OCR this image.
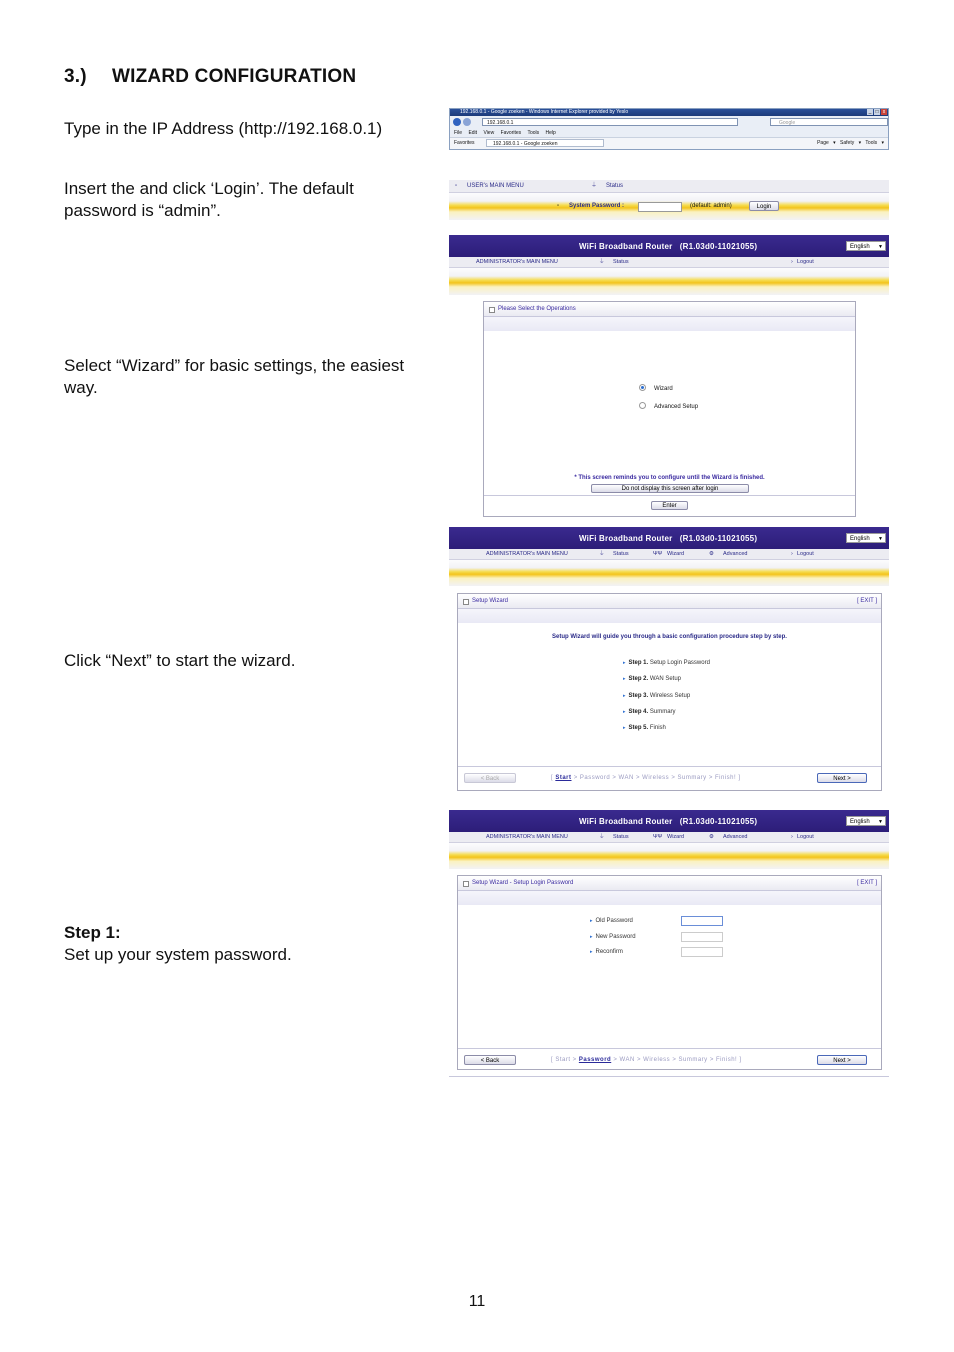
3.) WIZARD CONFIGURATION
Type in the IP Address (http://192.168.0.1)
Insert the and click ‘Login’. The default password is “admin”.
Select “Wizard” for basic settings, the easiest way.
Click “Next” to start the wizard.
Step 1:
Set up your system password.
192.168.0.1 - Google zoeken - Windows Internet Explorer provided by Yeslo	_ □ x
192.168.0.1	Google
File Edit View Favorites Tools Help
Favorites	192.168.0.1 - Google zoeken	Page ▾ Safety ▾ Tools ▾
▫ USER's MAIN MENU	⏚ Status
▫ System Password :	(default: admin)	Login
WiFi Broadband Router (R1.03d0-11021055)	English ▼
ADMINISTRATOR's MAIN MENU	⏚ Status	› Logout
Please Select the Operations
Wizard
Advanced Setup
* This screen reminds you to configure until the Wizard is finished.
Do not display this screen after login
Enter
WiFi Broadband Router (R1.03d0-11021055)	English ▼
ADMINISTRATOR's MAIN MENU	⏚ Status	ΨΨ Wizard	⚙ Advanced	› Logout
Setup Wizard	[ EXIT ]
Setup Wizard will guide you through a basic configuration procedure step by step.
▸ Step 1. Setup Login Password
▸ Step 2. WAN Setup
▸ Step 3. Wireless Setup
▸ Step 4. Summary
▸ Step 5. Finish
< Back	[ Start > Password > WAN > Wireless > Summary > Finish! ]	Next >
WiFi Broadband Router (R1.03d0-11021055)	English ▼
ADMINISTRATOR's MAIN MENU	⏚ Status	ΨΨ Wizard	⚙ Advanced	› Logout
Setup Wizard - Setup Login Password	[ EXIT ]
▸ Old Password
▸ New Password
▸ Reconfirm
< Back	[ Start > Password > WAN > Wireless > Summary > Finish! ]	Next >
11
